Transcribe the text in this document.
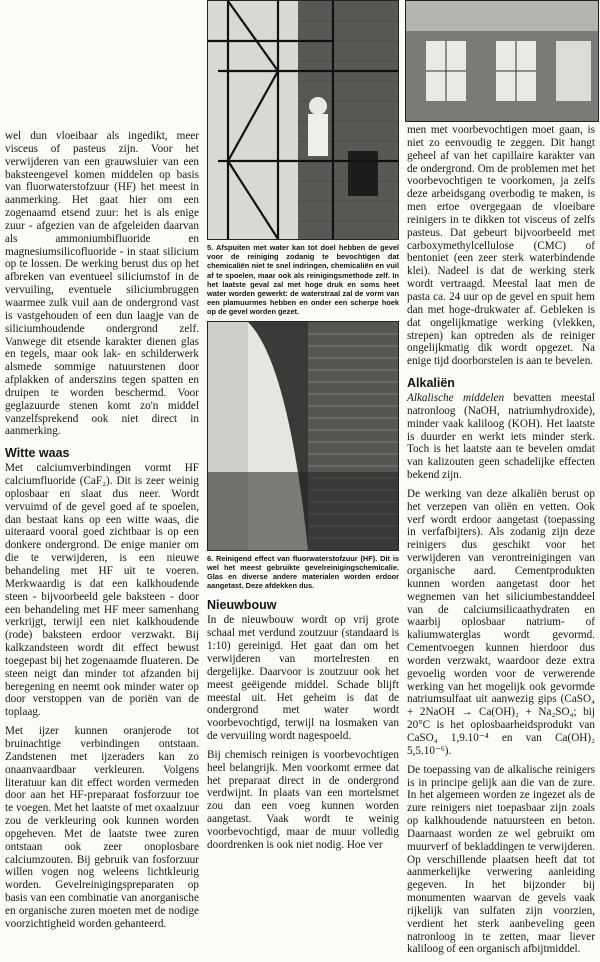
wel dun vloeibaar als ingedikt, meer visceus of pasteus zijn. Voor het verwijderen van een grauwsluier van een baksteengevel komen middelen op basis van fluorwaterstofzuur (HF) het meest in aanmerking. Het gaat hier om een zogenaamd etsend zuur: het is als enige zuur - afgezien van de afgeleiden daarvan als ammoniumbifluoride en magnesiumsilicofluoride - in staat silicium op te lossen. De werking berust dus op het afbreken van eventueel siliciumstof in de vervuiling, eventuele siliciumbruggen waarmee zulk vuil aan de ondergrond vast is vastgehouden of een dun laagje van de siliciumhoudende ondergrond zelf. Vanwege dit etsende karakter dienen glas en tegels, maar ook lak- en schilderwerk alsmede sommige natuurstenen door afplakken of anderszins tegen spatten en druipen te worden beschermd. Voor geglazuurde stenen komt zo'n middel vanzelfsprekend ook niet direct in aanmerking.

Witte waas

Met calciumverbindingen vormt HF calciumfluoride (CaF₂). Dit is zeer weinig oplosbaar en slaat dus neer. Wordt vervuimd of de gevel goed af te spoelen, dan bestaat kans op een witte waas, die uiteraard vooral goed zichtbaar is op een donkere ondergrond. De enige manier om die te verwijderen, is een nieuwe behandeling met HF uit te voeren. Merkwaardig is dat een kalkhoudende steen - bijvoorbeeld gele baksteen - door een behandeling met HF meer samenhang verkrijgt, terwijl een niet kalkhoudende (rode) baksteen erdoor verzwakt. Bij kalkzandsteen wordt dit effect bewust toegepast bij het zogenaamde fluateren. De steen neigt dan minder tot afzanden bij beregening en neemt ook minder water op door verstoppen van de poriën van de toplaag.

Met ijzer kunnen oranjerode tot bruinachtige verbindingen ontstaan. Zandstenen met ijzeraders kan zo onaanvaardbaar verkleuren. Volgens literatuur kan dit effect worden vermeden door aan het HF-preparaat fosforzuur toe te voegen. Met het laatste of met oxaalzuur zou de verkleuring ook kunnen worden opgeheven. Met de laatste twee zuren ontstaan ook zeer onoplosbare calciumzouten. Bij gebruik van fosforzuur willen vogen nog weleens lichtkleurig worden. Gevelreinigingspreparaten op basis van een combinatie van anorganische en organische zuren moeten met de nodige voorzichtigheid worden gehanteerd.

5. Afspuiten met water kan tot doel hebben de gevel voor de reiniging zodanig te bevochtigen dat chemicaliën niet te snel indringen, chemicaliën en vuil af te spoelen, maar ook als reinigingsmethode zelf. In het laatste geval zal met hoge druk en soms heet water worden gewerkt: de waterstraal zal de vorm van een plamuurmes hebben en onder een scherpe hoek op de gevel worden gezet.

6. Reinigend effect van fluorwaterstofzuur (HF). Dit is wel het meest gebruikte gevelreinigingschemicalie. Glas en diverse andere materialen worden erdoor aangetast. Deze afdekken dus.

Nieuwbouw

In de nieuwbouw wordt op vrij grote schaal met verdund zoutzuur (standaard is 1:10) gereinigd. Het gaat dan om het verwijderen van mortelresten en dergelijke. Daarvoor is zoutzuur ook het meest geëigende middel. Schade blijft meestal uit. Het geheim is dat de ondergrond met water wordt voorbevochtigd, terwijl na losmaken van de vervuiling wordt nagespoeld.

Bij chemisch reinigen is voorbevochtigen heel belangrijk. Men voorkomt ermee dat het preparaat direct in de ondergrond verdwijnt. In plaats van een mortelsmet zou dan een voeg kunnen worden aangetast. Vaak wordt te weinig voorbevochtigd, maar de muur volledig doordrenken is ook niet nodig. Hoe ver

men met voorbevochtigen moet gaan, is niet zo eenvoudig te zeggen. Dit hangt geheel af van het capillaire karakter van de ondergrond. Om de problemen met het voorbevochtigen te voorkomen, ja zelfs deze arbeidsgang overbodig te maken, is men ertoe overgegaan de vloeibare reinigers in te dikken tot visceus of zelfs pasteus. Dat gebeurt bijvoorbeeld met carboxymethylcellulose (CMC) of bentoniet (een zeer sterk waterbindende klei). Nadeel is dat de werking sterk wordt vertraagd. Meestal laat men de pasta ca. 24 uur op de gevel en spuit hem dan met hoge-drukwater af. Gebleken is dat ongelijkmatige werking (vlekken, strepen) kan optreden als de reiniger ongelijkmatig dik wordt opgezet. Na enige tijd doorborstelen is aan te bevelen.

Alkaliën

Alkalische middelen bevatten meestal natronloog (NaOH, natriumhydroxide), minder vaak kaliloog (KOH). Het laatste is duurder en werkt iets minder sterk. Toch is het laatste aan te bevelen omdat van kalizouten geen schadelijke effecten bekend zijn.

De werking van deze alkaliën berust op het verzepen van oliën en vetten. Ook verf wordt erdoor aangetast (toepassing in verfafbijters). Als zodanig zijn deze reinigers dus geschikt voor het verwijderen van verontreinigingen van organische aard. Cementprodukten kunnen worden aangetast door het wegnemen van het siliciumbestanddeel van de calciumsilicaathydraten en waarbij oplosbaar natrium- of kaliumwaterglas wordt gevormd. Cementvoegen kunnen hierdoor dus worden verzwakt, waardoor deze extra gevoelig worden voor de verwerende werking van het mogelijk ook gevormde natriumsulfaat uit aanwezig gips (CaSO₄ + 2NaOH → Ca(OH)₂ + Na₂SO₄; bij 20°C is het oplosbaarheidsprodukt van CaSO₄ 1,9.10⁻⁴ en van Ca(OH)₂ 5,5.10⁻⁶).

De toepassing van de alkalische reinigers is in principe gelijk aan die van de zure. In het algemeen worden ze ingezet als de zure reinigers niet toepasbaar zijn zoals op kalkhoudende natuursteen en beton. Daarnaast worden ze wel gebruikt om muurverf of bekladdingen te verwijderen. Op verschillende plaatsen heeft dat tot aanmerkelijke verwering aanleiding gegeven. In het bijzonder bij monumenten waarvan de gevels vaak rijkelijk van sulfaten zijn voorzien, verdient het sterk aanbeveling geen natronloog in te zetten, maar liever kaliloog of een organisch afbijtmiddel.
